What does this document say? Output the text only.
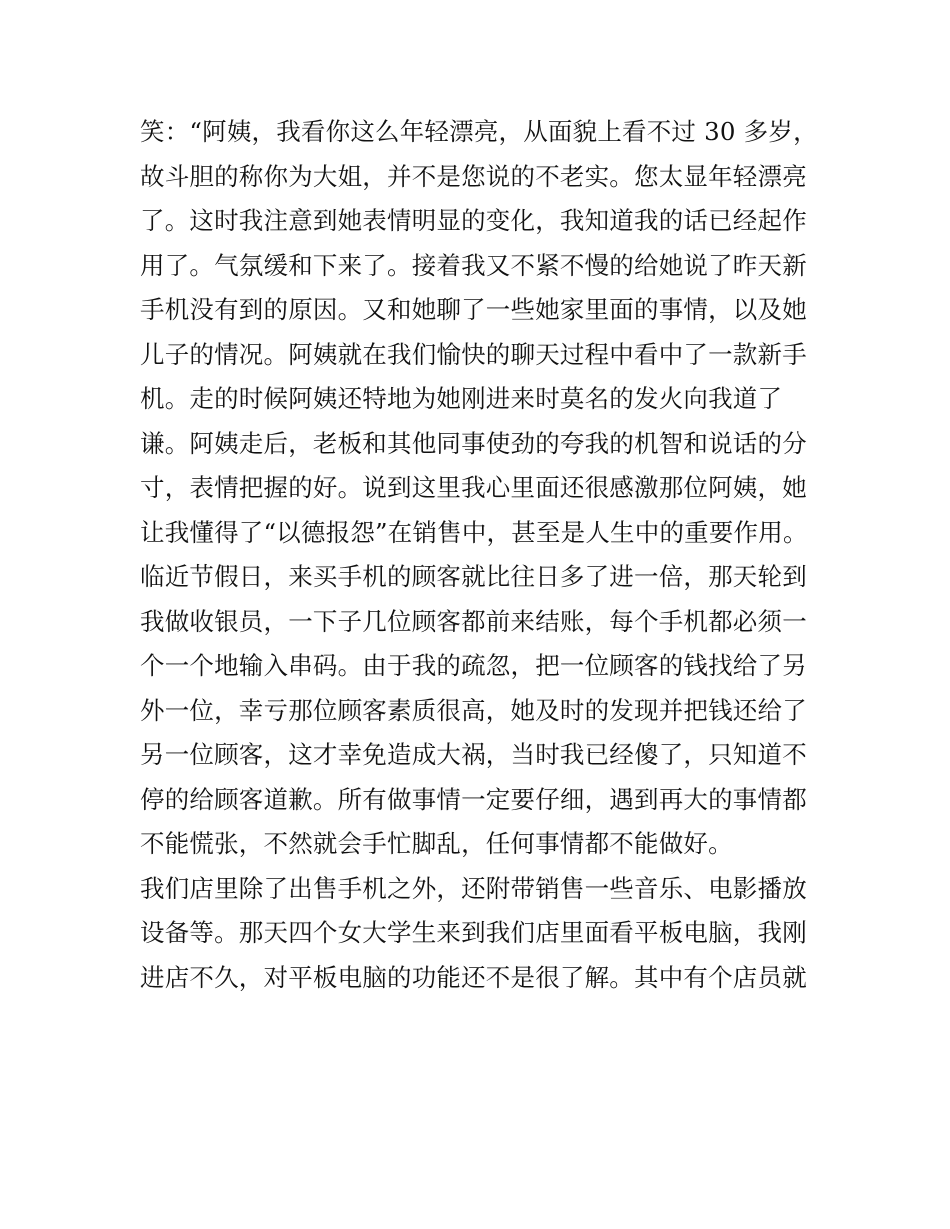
笑：“阿姨，我看你这么年轻漂亮，从面貌上看不过 30 多岁，
故斗胆的称你为大姐，并不是您说的不老实。您太显年轻漂亮
了。这时我注意到她表情明显的变化，我知道我的话已经起作
用了。气氛缓和下来了。接着我又不紧不慢的给她说了昨天新
手机没有到的原因。又和她聊了一些她家里面的事情，以及她
儿子的情况。阿姨就在我们愉快的聊天过程中看中了一款新手
机。走的时候阿姨还特地为她刚进来时莫名的发火向我道了
谦。阿姨走后，老板和其他同事使劲的夸我的机智和说话的分
寸，表情把握的好。说到这里我心里面还很感激那位阿姨，她
让我懂得了“以德报怨”在销售中，甚至是人生中的重要作用。
临近节假日，来买手机的顾客就比往日多了进一倍，那天轮到
我做收银员，一下子几位顾客都前来结账，每个手机都必须一
个一个地输入串码。由于我的疏忽，把一位顾客的钱找给了另
外一位，幸亏那位顾客素质很高，她及时的发现并把钱还给了
另一位顾客，这才幸免造成大祸，当时我已经傻了，只知道不
停的给顾客道歉。所有做事情一定要仔细，遇到再大的事情都
不能慌张，不然就会手忙脚乱，任何事情都不能做好。
我们店里除了出售手机之外，还附带销售一些音乐、电影播放
设备等。那天四个女大学生来到我们店里面看平板电脑，我刚
进店不久，对平板电脑的功能还不是很了解。其中有个店员就
